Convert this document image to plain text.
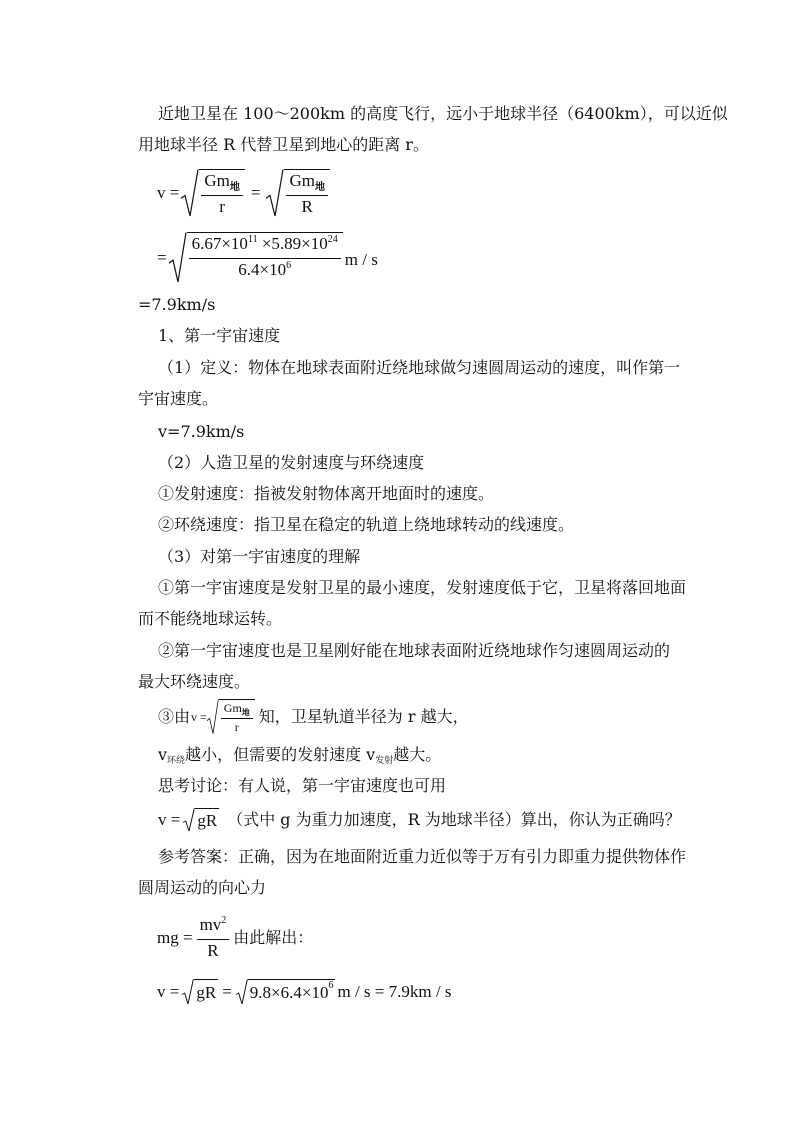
近地卫星在 100～200km 的高度飞行，远小于地球半径（6400km），可以近似
用地球半径 R 代替卫星到地心的距离 r。
$v = \frac{Gm_地}{r} = \frac{Gm_地}{R}$
= $\frac{6.67\times 10^{11} \times 5.89\times 10^{24}}{6.4\times 10^6}$ m / s
=7.9km/s
1、第一宇宙速度
（1）定义：物体在地球表面附近绕地球做匀速圆周运动的速度，叫作第一
宇宙速度。
v=7.9km/s
（2）人造卫星的发射速度与环绕速度
①发射速度：指被发射物体离开地面时的速度。
②环绕速度：指卫星在稳定的轨道上绕地球转动的线速度。
（3）对第一宇宙速度的理解
①第一宇宙速度是发射卫星的最小速度，发射速度低于它，卫星将落回地面
而不能绕地球运转。
②第一宇宙速度也是卫星刚好能在地球表面附近绕地球作匀速圆周运动的
最大环绕速度。
③由 $v = \frac{Gm_地}{r}$ 知，卫星轨道半径为 r 越大，
v环绕越小，但需要的发射速度 v发射越大。
思考讨论：有人说，第一宇宙速度也可用
v = gR （式中 g 为重力加速度，R 为地球半径）算出，你认为正确吗？
参考答案：正确，因为在地面附近重力近似等于万有引力即重力提供物体作
圆周运动的向心力
mg = $\frac{mv^2}{R}$ 由此解出：
v = gR = 9.8×6.4×10 6 m / s = 7.9km / s
